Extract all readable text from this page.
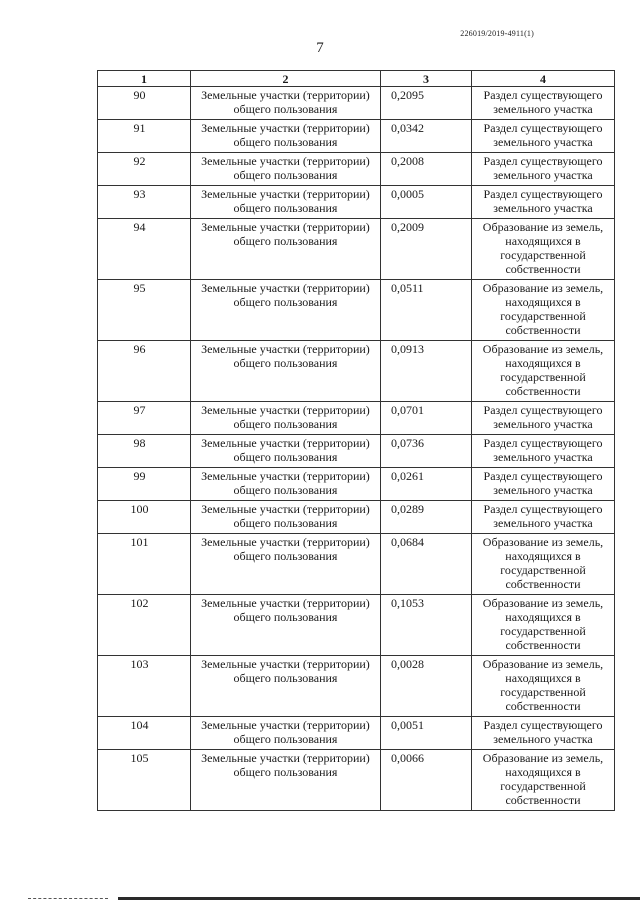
226019/2019-4911(1)
7
1	2	3	4
90	Земельные участки (территории) общего пользования	0,2095	Раздел существующего земельного участка
91	Земельные участки (территории) общего пользования	0,0342	Раздел существующего земельного участка
92	Земельные участки (территории) общего пользования	0,2008	Раздел существующего земельного участка
93	Земельные участки (территории) общего пользования	0,0005	Раздел существующего земельного участка
94	Земельные участки (территории) общего пользования	0,2009	Образование из земель, находящихся в государственной собственности
95	Земельные участки (территории) общего пользования	0,0511	Образование из земель, находящихся в государственной собственности
96	Земельные участки (территории) общего пользования	0,0913	Образование из земель, находящихся в государственной собственности
97	Земельные участки (территории) общего пользования	0,0701	Раздел существующего земельного участка
98	Земельные участки (территории) общего пользования	0,0736	Раздел существующего земельного участка
99	Земельные участки (территории) общего пользования	0,0261	Раздел существующего земельного участка
100	Земельные участки (территории) общего пользования	0,0289	Раздел существующего земельного участка
101	Земельные участки (территории) общего пользования	0,0684	Образование из земель, находящихся в государственной собственности
102	Земельные участки (территории) общего пользования	0,1053	Образование из земель, находящихся в государственной собственности
103	Земельные участки (территории) общего пользования	0,0028	Образование из земель, находящихся в государственной собственности
104	Земельные участки (территории) общего пользования	0,0051	Раздел существующего земельного участка
105	Земельные участки (территории) общего пользования	0,0066	Образование из земель, находящихся в государственной собственности
